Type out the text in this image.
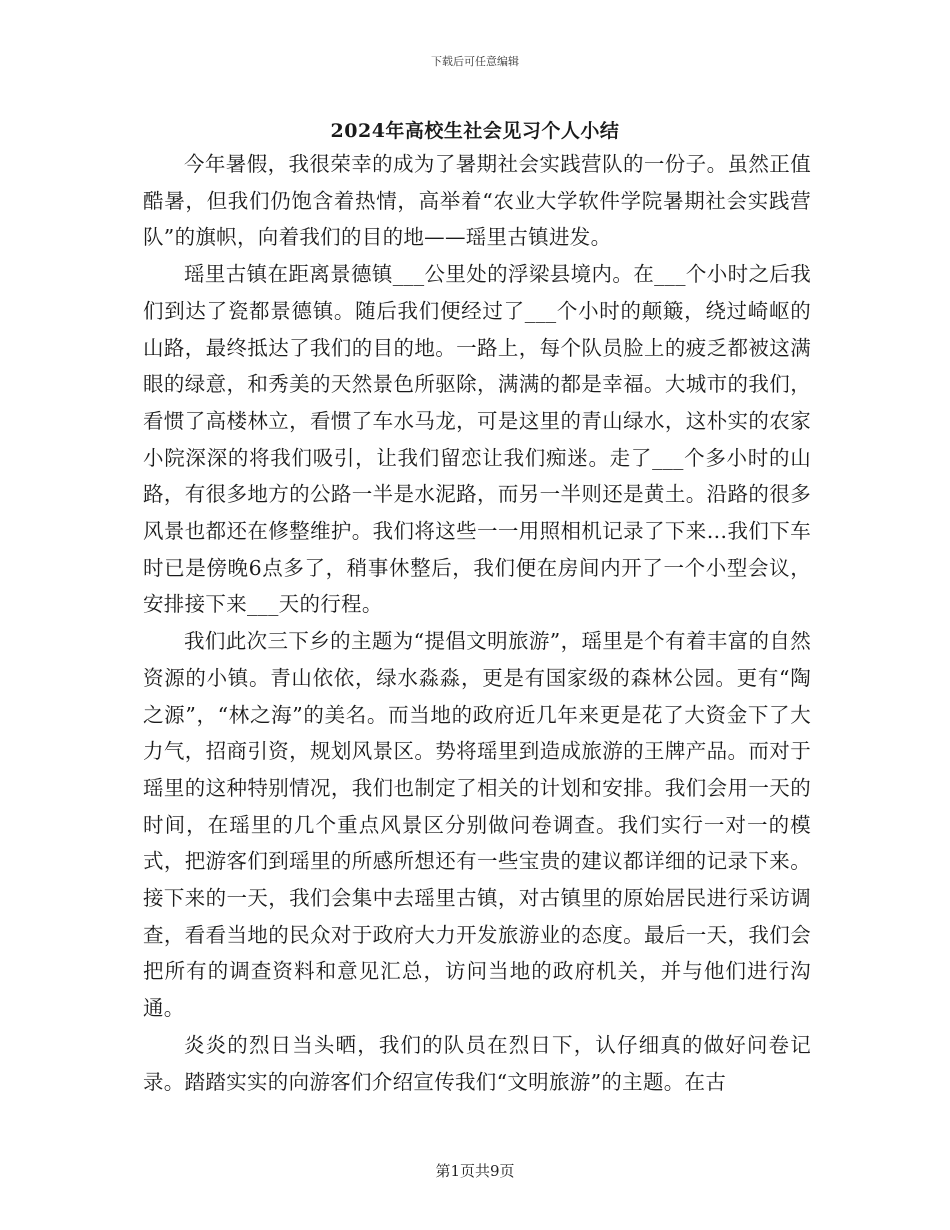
下载后可任意编辑
2024年高校生社会见习个人小结

今年暑假，我很荣幸的成为了暑期社会实践营队的一份子。虽然正值酷暑，但我们仍饱含着热情，高举着“农业大学软件学院暑期社会实践营队”的旗帜，向着我们的目的地——瑶里古镇进发。

瑶里古镇在距离景德镇___公里处的浮梁县境内。在___个小时之后我们到达了瓷都景德镇。随后我们便经过了___个小时的颠簸，绕过崎岖的山路，最终抵达了我们的目的地。一路上，每个队员脸上的疲乏都被这满眼的绿意，和秀美的天然景色所驱除，满满的都是幸福。大城市的我们，看惯了高楼林立，看惯了车水马龙，可是这里的青山绿水，这朴实的农家小院深深的将我们吸引，让我们留恋让我们痴迷。走了___个多小时的山路，有很多地方的公路一半是水泥路，而另一半则还是黄土。沿路的很多风景也都还在修整维护。我们将这些一一用照相机记录了下来…我们下车时已是傍晚6点多了，稍事休整后，我们便在房间内开了一个小型会议，安排接下来___天的行程。

我们此次三下乡的主题为“提倡文明旅游”，瑶里是个有着丰富的自然资源的小镇。青山依依，绿水淼淼，更是有国家级的森林公园。更有“陶之源”，“林之海”的美名。而当地的政府近几年来更是花了大资金下了大力气，招商引资，规划风景区。势将瑶里到造成旅游的王牌产品。而对于瑶里的这种特别情况，我们也制定了相关的计划和安排。我们会用一天的时间，在瑶里的几个重点风景区分别做问卷调查。我们实行一对一的模式，把游客们到瑶里的所感所想还有一些宝贵的建议都详细的记录下来。接下来的一天，我们会集中去瑶里古镇，对古镇里的原始居民进行采访调查，看看当地的民众对于政府大力开发旅游业的态度。最后一天，我们会把所有的调查资料和意见汇总，访问当地的政府机关，并与他们进行沟通。

炎炎的烈日当头晒，我们的队员在烈日下，认仔细真的做好问卷记录。踏踏实实的向游客们介绍宣传我们“文明旅游”的主题。在古

第1页共9页
